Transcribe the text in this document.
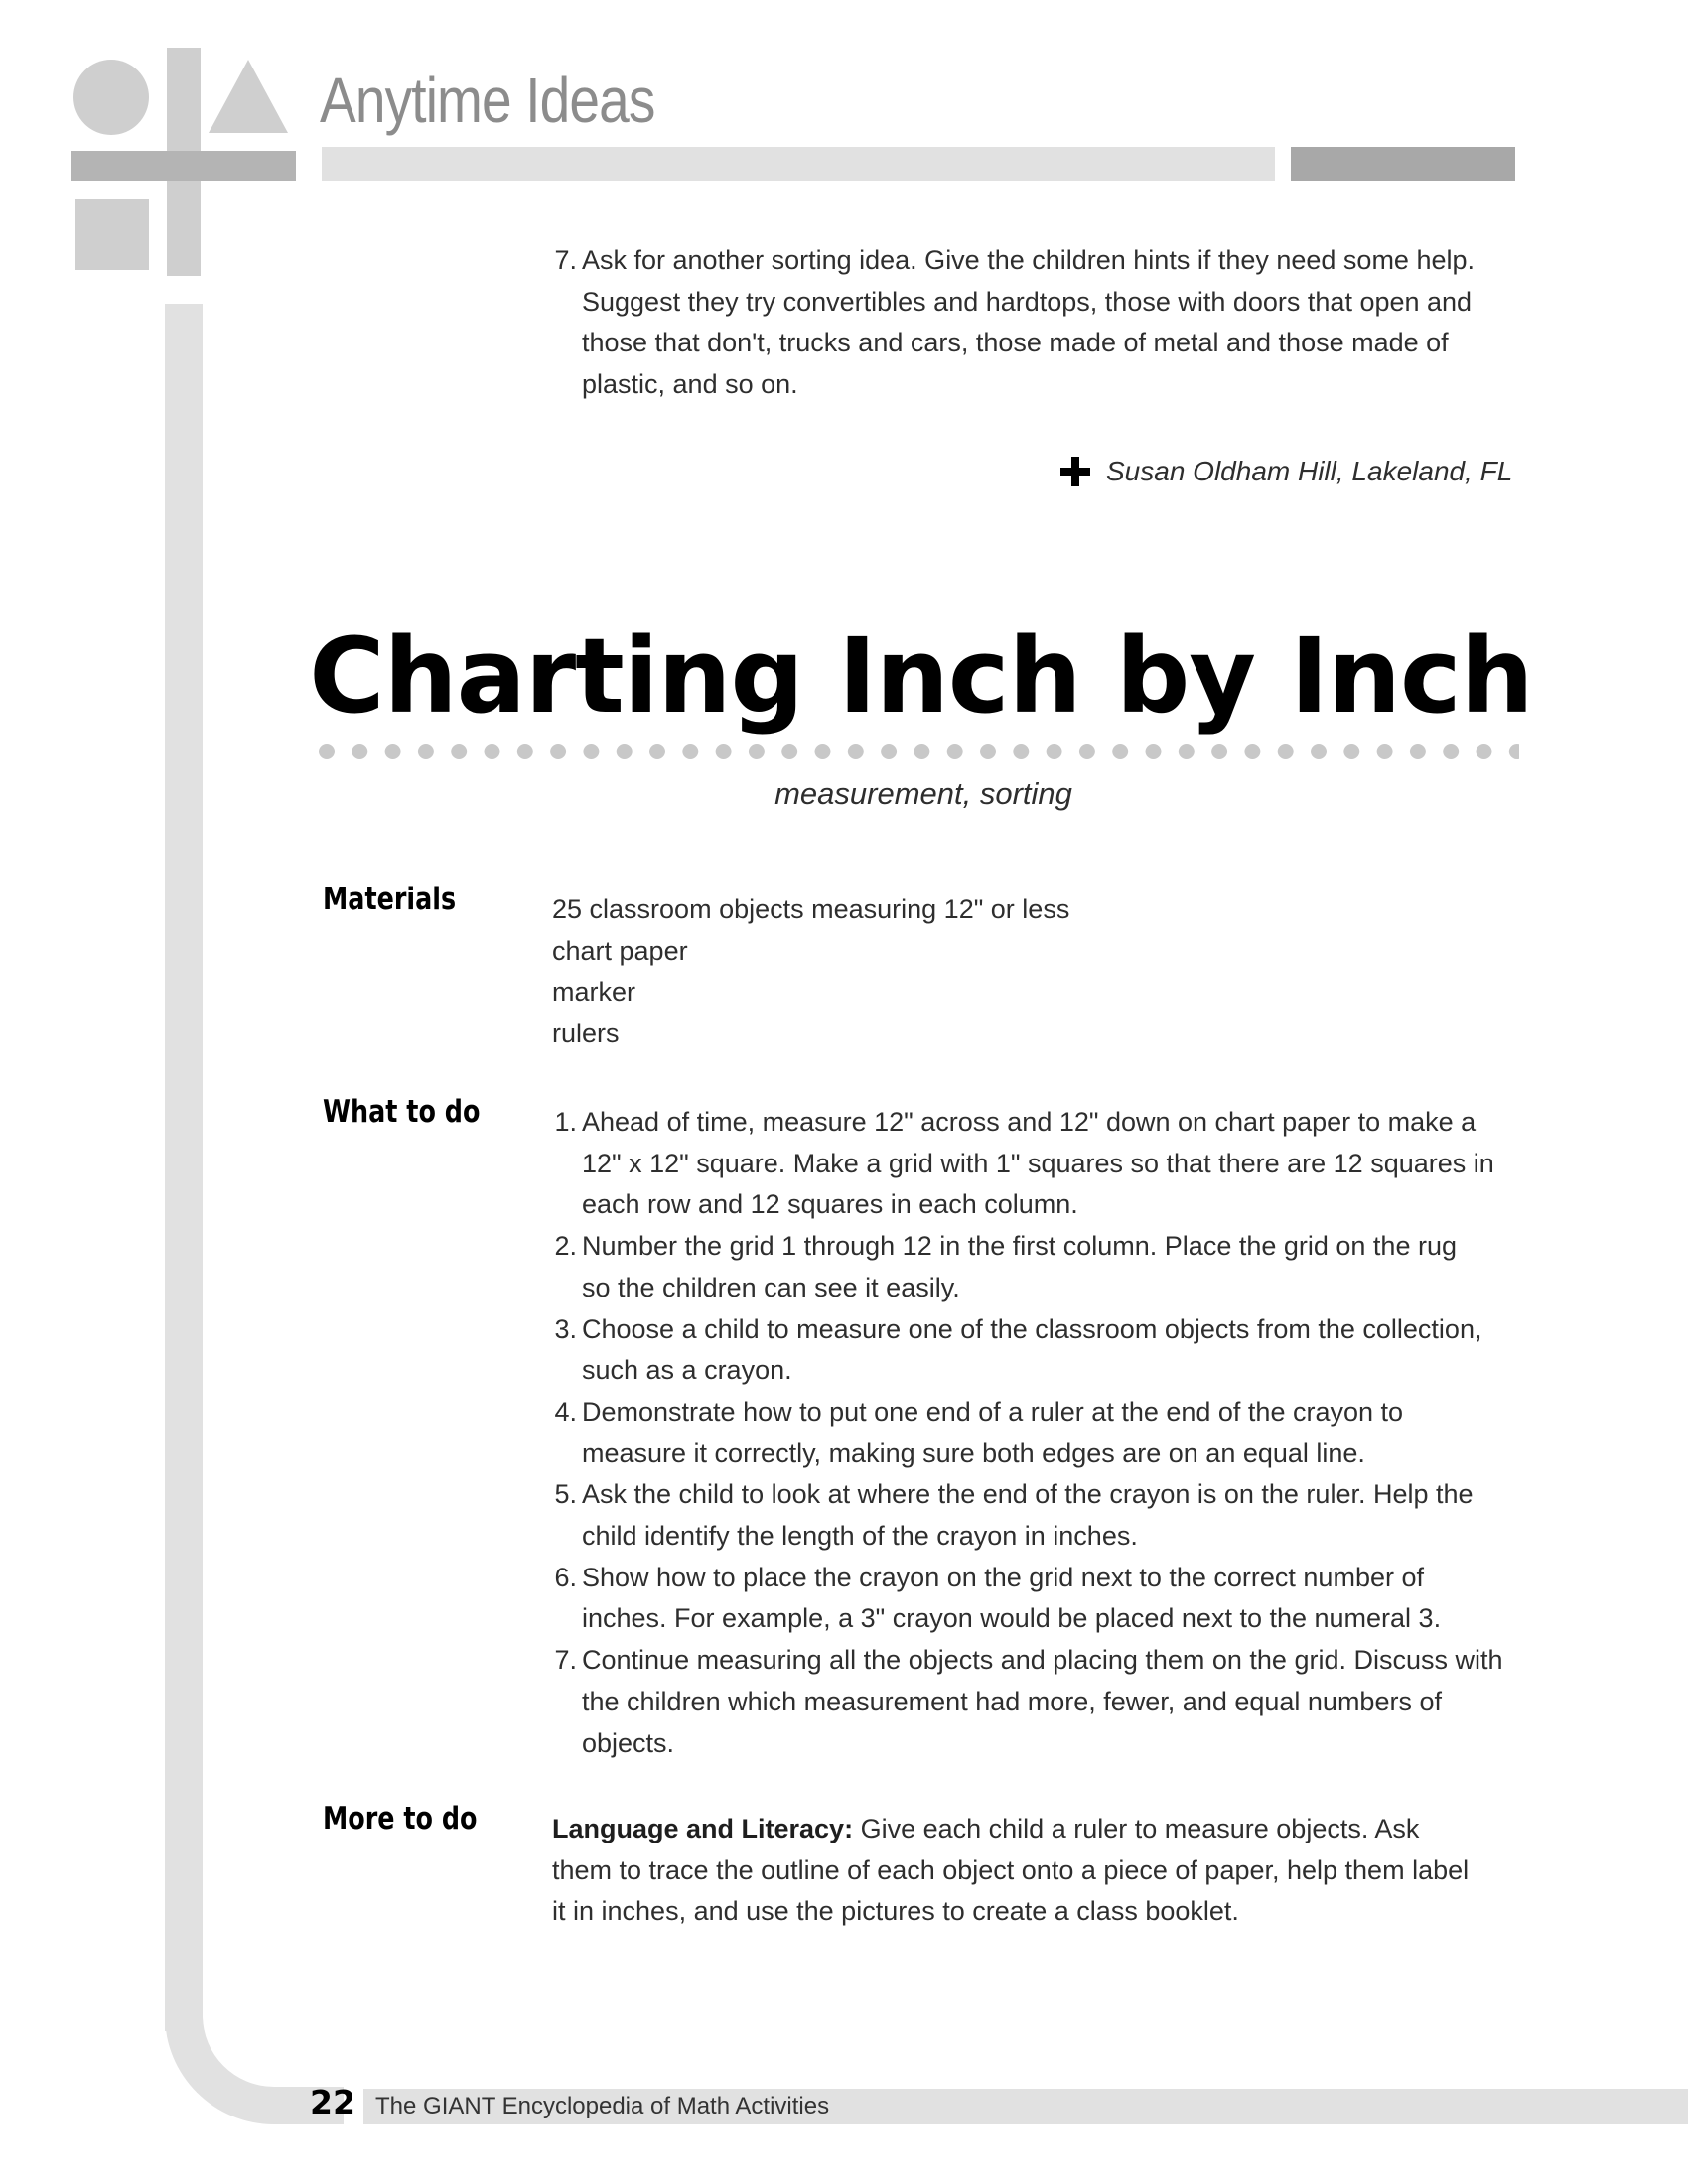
Anytime Ideas
7. Ask for another sorting idea. Give the children hints if they need some help.
Suggest they try convertibles and hardtops, those with doors that open and
those that don't, trucks and cars, those made of metal and those made of
plastic, and so on.
Susan Oldham Hill, Lakeland, FL
Charting Inch by Inch
measurement, sorting
Materials	25 classroom objects measuring 12" or less
chart paper
marker
rulers
What to do	1. Ahead of time, measure 12" across and 12" down on chart paper to make a
12" x 12" square. Make a grid with 1" squares so that there are 12 squares in
each row and 12 squares in each column.
2. Number the grid 1 through 12 in the first column. Place the grid on the rug
so the children can see it easily.
3. Choose a child to measure one of the classroom objects from the collection,
such as a crayon.
4. Demonstrate how to put one end of a ruler at the end of the crayon to
measure it correctly, making sure both edges are on an equal line.
5. Ask the child to look at where the end of the crayon is on the ruler. Help the
child identify the length of the crayon in inches.
6. Show how to place the crayon on the grid next to the correct number of
inches. For example, a 3" crayon would be placed next to the numeral 3.
7. Continue measuring all the objects and placing them on the grid. Discuss with
the children which measurement had more, fewer, and equal numbers of
objects.
More to do	Language and Literacy: Give each child a ruler to measure objects. Ask
them to trace the outline of each object onto a piece of paper, help them label
it in inches, and use the pictures to create a class booklet.
22 The GIANT Encyclopedia of Math Activities
